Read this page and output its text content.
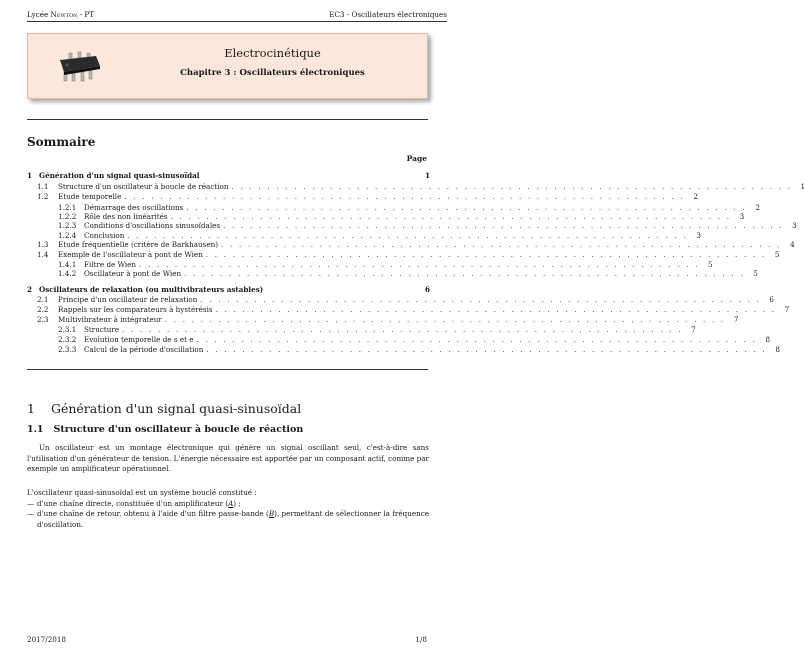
Lycée Newton - PT	EC3 - Oscillateurs électroniques
Electrocinétique
Chapitre 3 : Oscillateurs électroniques
Sommaire
Page
1 Génération d'un signal quasi-sinusoïdal	1
1.1	Structure d'un oscillateur à boucle de réaction . . . . . . . . . . . . . . . . . . . . . . . . . . . . . . . . . . . . . . . . . . . . . . . . . . . . . . . . . . . . . . .	1
1.2	Etude temporelle . . . . . . . . . . . . . . . . . . . . . . . . . . . . . . . . . . . . . . . . . . . . . . . . . . . . . . . . . . . . . . .	2
1.2.1	Démarrage des oscillations . . . . . . . . . . . . . . . . . . . . . . . . . . . . . . . . . . . . . . . . . . . . . . . . . . . . . . . . . . . . . . .	2
1.2.2	Rôle des non linéarités . . . . . . . . . . . . . . . . . . . . . . . . . . . . . . . . . . . . . . . . . . . . . . . . . . . . . . . . . . . . . . .	3
1.2.3	Conditions d'oscillations sinusoïdales . . . . . . . . . . . . . . . . . . . . . . . . . . . . . . . . . . . . . . . . . . . . . . . . . . . . . . . . . . . . . . .	3
1.2.4	Conclusion . . . . . . . . . . . . . . . . . . . . . . . . . . . . . . . . . . . . . . . . . . . . . . . . . . . . . . . . . . . . . . .	3
1.3	Etude fréquentielle (critère de Barkhausen) . . . . . . . . . . . . . . . . . . . . . . . . . . . . . . . . . . . . . . . . . . . . . . . . . . . . . . . . . . . . . . .	4
1.4	Exemple de l'oscillateur à pont de Wien . . . . . . . . . . . . . . . . . . . . . . . . . . . . . . . . . . . . . . . . . . . . . . . . . . . . . . . . . . . . . . .	5
1.4.1	Filtre de Wien . . . . . . . . . . . . . . . . . . . . . . . . . . . . . . . . . . . . . . . . . . . . . . . . . . . . . . . . . . . . . . .	5
1.4.2	Oscillateur à pont de Wien . . . . . . . . . . . . . . . . . . . . . . . . . . . . . . . . . . . . . . . . . . . . . . . . . . . . . . . . . . . . . . .	5
2 Oscillateurs de relaxation (ou multivibrateurs astables)	6
2.1	Principe d'un oscillateur de relaxation . . . . . . . . . . . . . . . . . . . . . . . . . . . . . . . . . . . . . . . . . . . . . . . . . . . . . . . . . . . . . . .	6
2.2	Rappels sur les comparateurs à hystérésis . . . . . . . . . . . . . . . . . . . . . . . . . . . . . . . . . . . . . . . . . . . . . . . . . . . . . . . . . . . . . . .	7
2.3	Multivibrateur à intégrateur . . . . . . . . . . . . . . . . . . . . . . . . . . . . . . . . . . . . . . . . . . . . . . . . . . . . . . . . . . . . . . .	7
2.3.1	Structure . . . . . . . . . . . . . . . . . . . . . . . . . . . . . . . . . . . . . . . . . . . . . . . . . . . . . . . . . . . . . . .	7
2.3.2	Evolution temporelle de s et e . . . . . . . . . . . . . . . . . . . . . . . . . . . . . . . . . . . . . . . . . . . . . . . . . . . . . . . . . . . . . . .	8
2.3.3	Calcul de la période d'oscillation . . . . . . . . . . . . . . . . . . . . . . . . . . . . . . . . . . . . . . . . . . . . . . . . . . . . . . . . . . . . . . .	8
1 Génération d'un signal quasi-sinusoïdal
1.1 Structure d'un oscillateur à boucle de réaction
Un oscillateur est un montage électronique qui génère un signal oscillant seul, c'est-à-dire sans l'utilisation d'un générateur de tension. L'énergie nécessaire est apportée par un composant actif, comme par exemple un amplificateur opérationnel.
L'oscillateur quasi-sinusoïdal est un système bouclé constitué :
— d'une chaîne directe, constituée d'un amplificateur (A) ;
— d'une chaîne de retour, obtenu à l'aide d'un filtre passe-bande (B), permettant de sélectionner la fréquence d'oscillation.
2017/2018	1/8
